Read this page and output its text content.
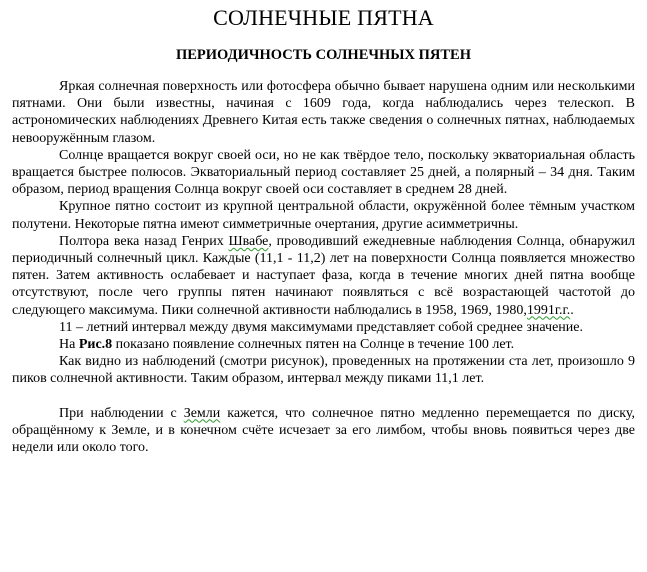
СОЛНЕЧНЫЕ ПЯТНА
ПЕРИОДИЧНОСТЬ СОЛНЕЧНЫХ ПЯТЕН

Яркая солнечная поверхность или фотосфера обычно бывает нарушена одним или несколькими пятнами. Они были известны, начиная с 1609 года, когда наблюдались через телескоп. В астрономических наблюдениях Древнего Китая есть также сведения о солнечных пятнах, наблюдаемых невооружённым глазом.

Солнце вращается вокруг своей оси, но не как твёрдое тело, поскольку экваториальная область вращается быстрее полюсов. Экваториальный период составляет 25 дней, а полярный – 34 дня. Таким образом, период вращения Солнца вокруг своей оси составляет в среднем 28 дней.

Крупное пятно состоит из крупной центральной области, окружённой более тёмным участком полутени. Некоторые пятна имеют симметричные очертания, другие асимметричны.

Полтора века назад Генрих Швабе, проводивший ежедневные наблюдения Солнца, обнаружил периодичный солнечный цикл. Каждые (11,1 - 11,2) лет на поверхности Солнца появляется множество пятен. Затем активность ослабевает и наступает фаза, когда в течение многих дней пятна вообще отсутствуют, после чего группы пятен начинают появляться с всё возрастающей частотой до следующего максимума. Пики солнечной активности наблюдались в 1958, 1969, 1980,1991г.г..

11 – летний интервал между двумя максимумами представляет собой среднее значение.

На Рис.8 показано появление солнечных пятен на Солнце в течение 100 лет.

Как видно из наблюдений (смотри рисунок), проведенных на протяжении ста лет, произошло 9 пиков солнечной активности. Таким образом, интервал между пиками 11,1 лет.

При наблюдении с Земли кажется, что солнечное пятно медленно перемещается по диску, обращённому к Земле, и в конечном счёте исчезает за его лимбом, чтобы вновь появиться через две недели или около того.
